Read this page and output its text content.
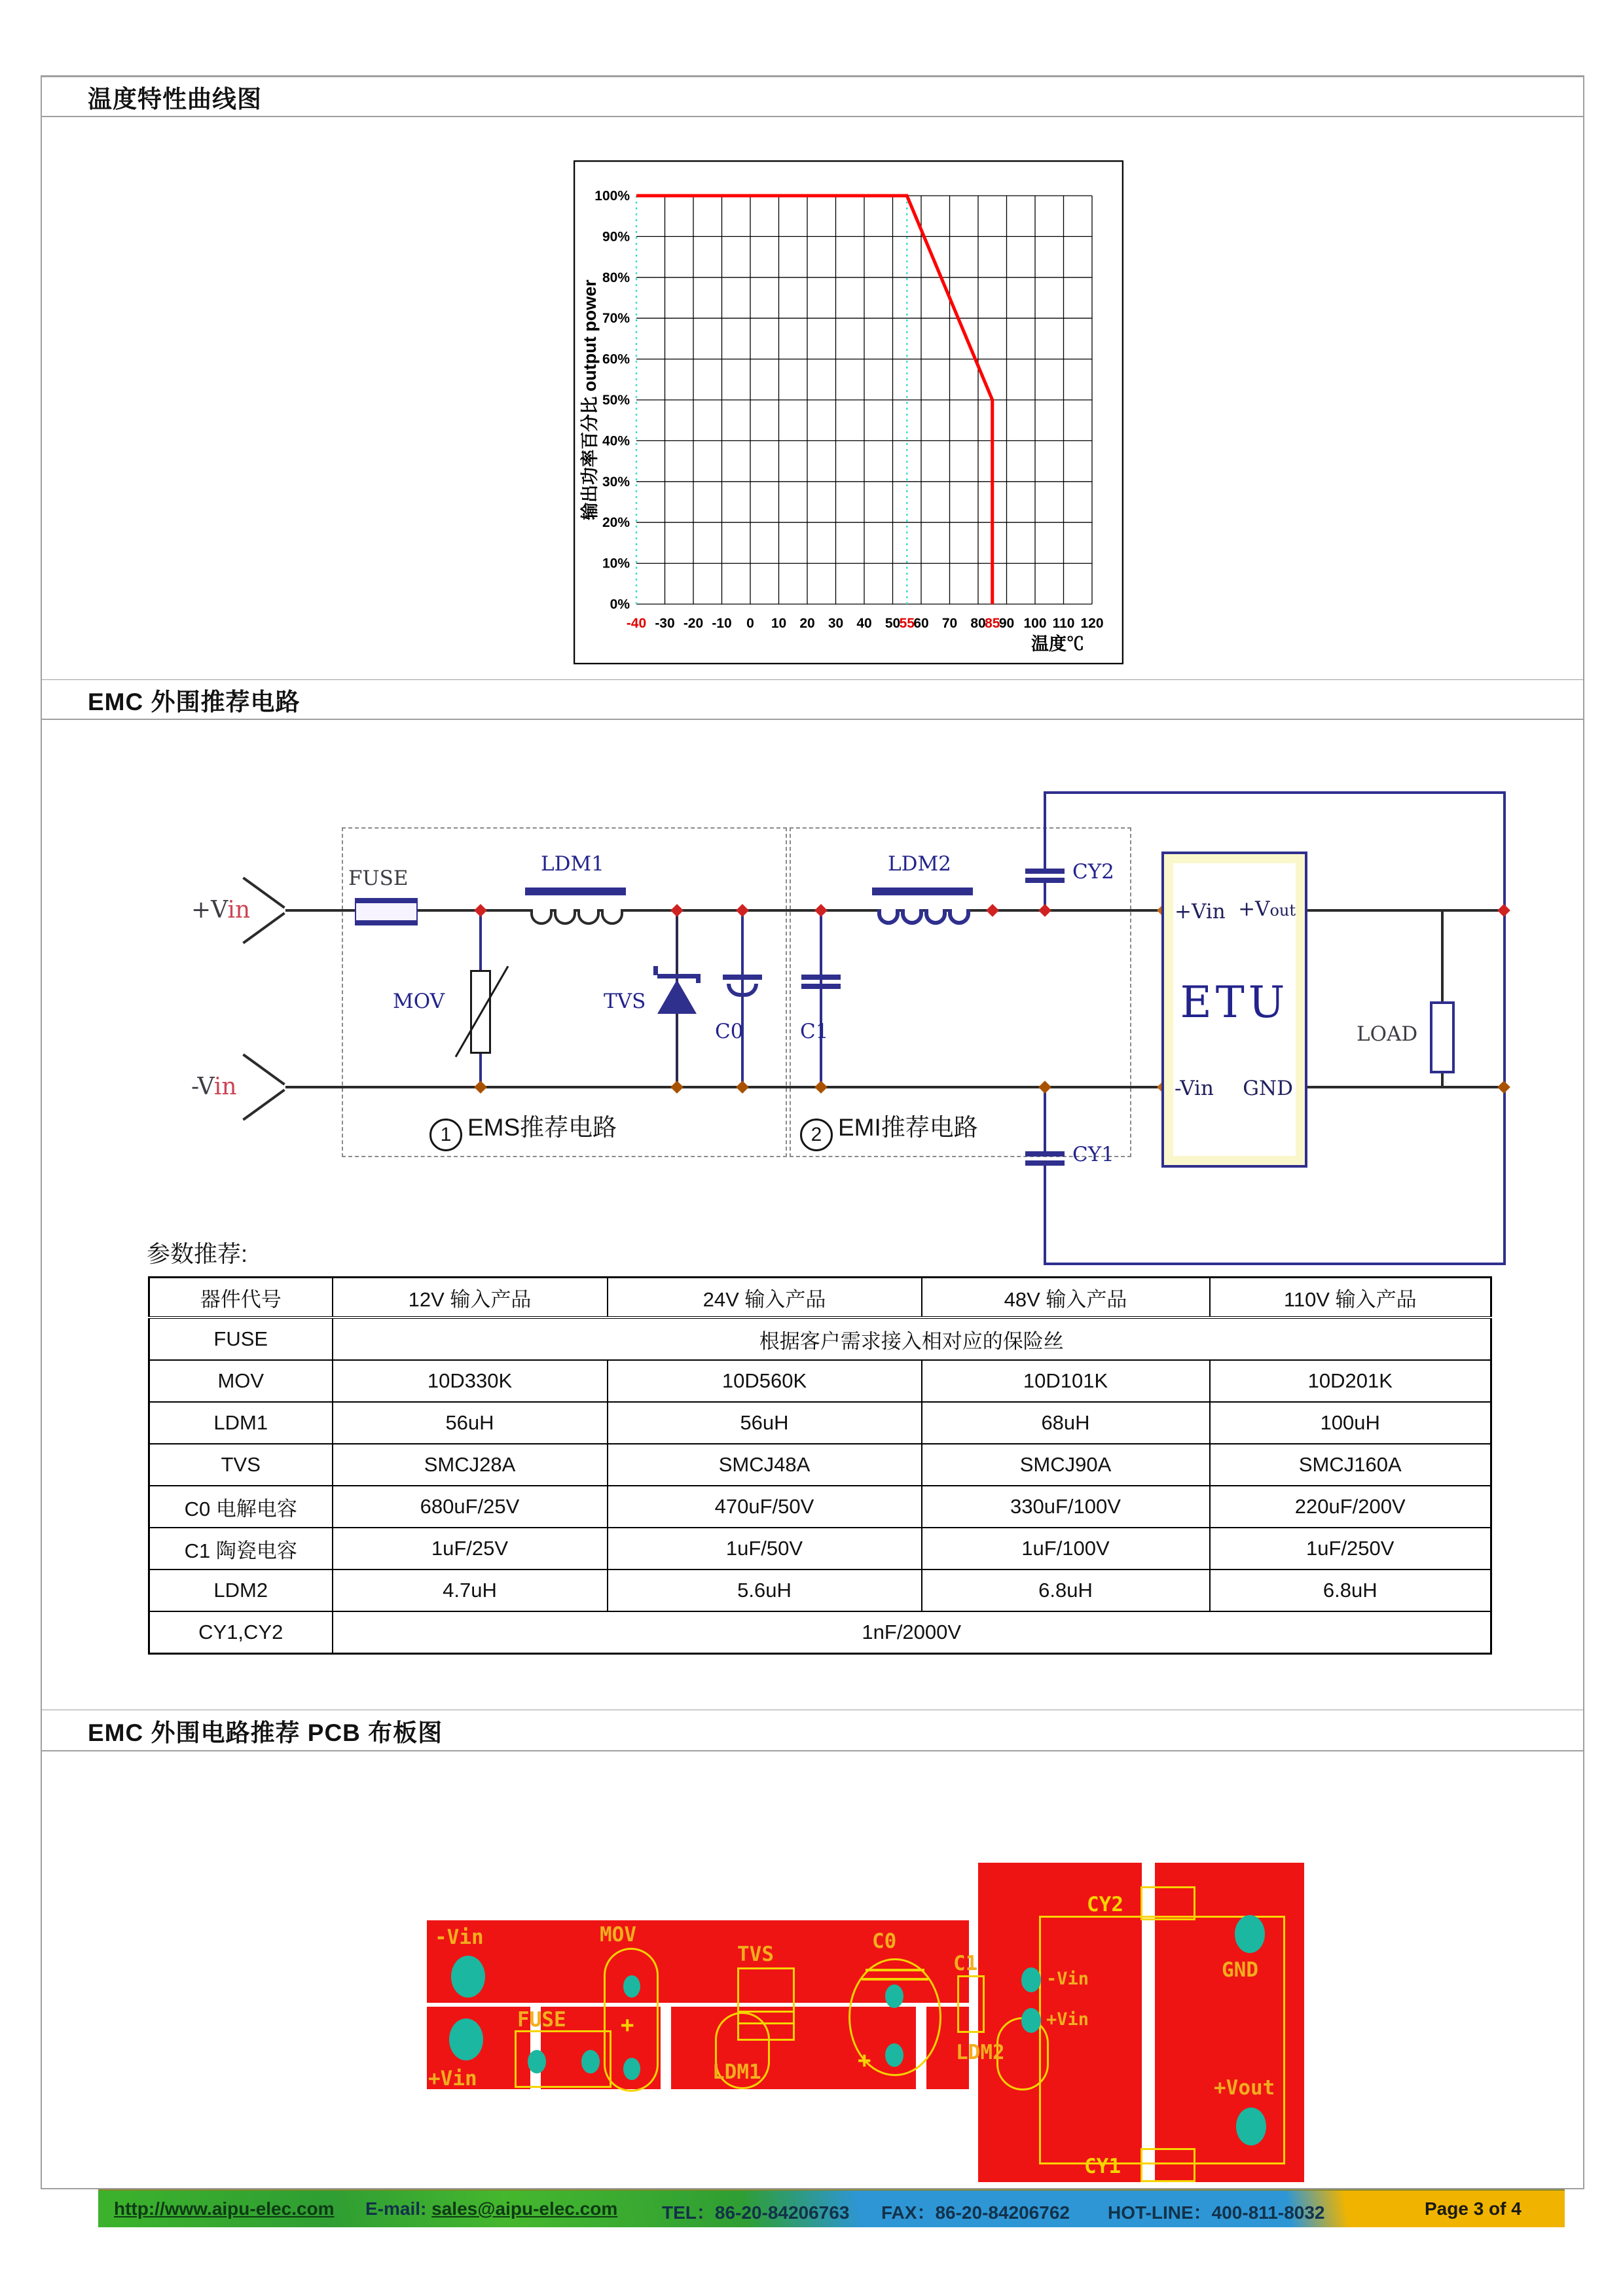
温度特性曲线图
0%
10%
20%
30%
40%
50%
60%
70%
80%
90%
100%
-40 -30 -20 -10 0 10 20 30 40 50
55
60 70 80
85
90 100 110 120
输出功率百分比 output power
温度℃
EMC 外围推荐电路
+Vin
-Vin
FUSE
MOV
LDM1
TVS
C0	C1
LDM2	CY2
CY1
1 EMS推荐电路	2 EMI推荐电路
+Vin
-Vin
+Vout
GND
ETU
LOAD
参数推荐:
器件代号	12V 输入产品	24V 输入产品	48V 输入产品	110V 输入产品
FUSE	根据客户需求接入相对应的保险丝			
MOV	10D330K	10D560K	10D101K	10D201K
LDM1	56uH	56uH	68uH	100uH
TVS	SMCJ28A	SMCJ48A	SMCJ90A	SMCJ160A
C0 电解电容	680uF/25V	470uF/50V	330uF/100V	220uF/200V
C1 陶瓷电容	1uF/25V	1uF/50V	1uF/100V	1uF/250V
LDM2	4.7uH	5.6uH	6.8uH	6.8uH
CY1,CY2	1nF/2000V			
EMC 外围电路推荐 PCB 布板图
+
+
-Vin	MOV
TVS
C0
C1
FUSE
+Vin	LDM1
LDM2
CY2
GND
-Vin
+Vin
+Vout
CY1
http://www.aipu-elec.com E-mail: sales@aipu-elec.com TEL：86-20-84206763 FAX：86-20-84206762 HOT-LINE：400-811-8032	Page 3 of 4
